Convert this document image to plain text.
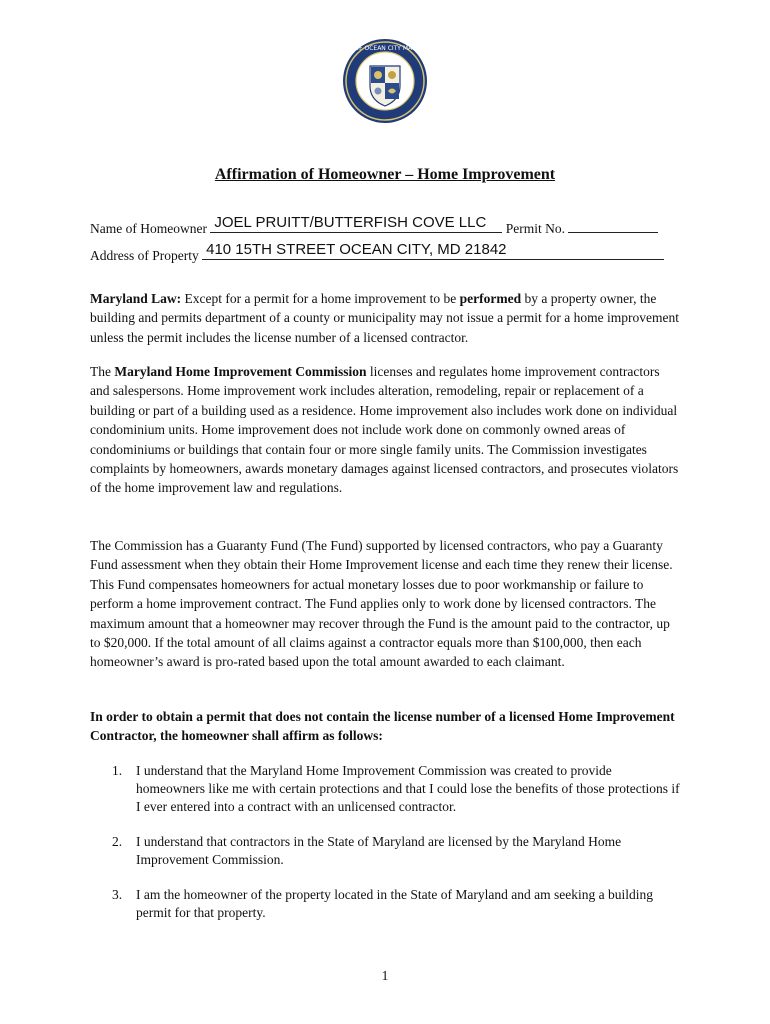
TOWN OF OCEAN CITY MARYLAND
Affirmation of Homeowner – Home Improvement
Name of Homeowner JOEL PRUITT/BUTTERFISH COVE LLC Permit No.
Address of Property 410 15TH STREET OCEAN CITY, MD 21842

Maryland Law: Except for a permit for a home improvement to be performed by a property owner, the building and permits department of a county or municipality may not issue a permit for a home improvement unless the permit includes the license number of a licensed contractor.

The Maryland Home Improvement Commission licenses and regulates home improvement contractors and salespersons. Home improvement work includes alteration, remodeling, repair or replacement of a building or part of a building used as a residence. Home improvement also includes work done on individual condominium units. Home improvement does not include work done on commonly owned areas of condominiums or buildings that contain four or more single family units. The Commission investigates complaints by homeowners, awards monetary damages against licensed contractors, and prosecutes violators of the home improvement law and regulations.

The Commission has a Guaranty Fund (The Fund) supported by licensed contractors, who pay a Guaranty Fund assessment when they obtain their Home Improvement license and each time they renew their license. This Fund compensates homeowners for actual monetary losses due to poor workmanship or failure to perform a home improvement contract. The Fund applies only to work done by licensed contractors. The maximum amount that a homeowner may recover through the Fund is the amount paid to the contractor, up to $20,000. If the total amount of all claims against a contractor equals more than $100,000, then each homeowner’s award is pro-rated based upon the total amount awarded to each claimant.

In order to obtain a permit that does not contain the license number of a licensed Home Improvement Contractor, the homeowner shall affirm as follows:

1. I understand that the Maryland Home Improvement Commission was created to provide homeowners like me with certain protections and that I could lose the benefits of those protections if I ever entered into a contract with an unlicensed contractor.
2. I understand that contractors in the State of Maryland are licensed by the Maryland Home Improvement Commission.
3. I am the homeowner of the property located in the State of Maryland and am seeking a building permit for that property.
1
